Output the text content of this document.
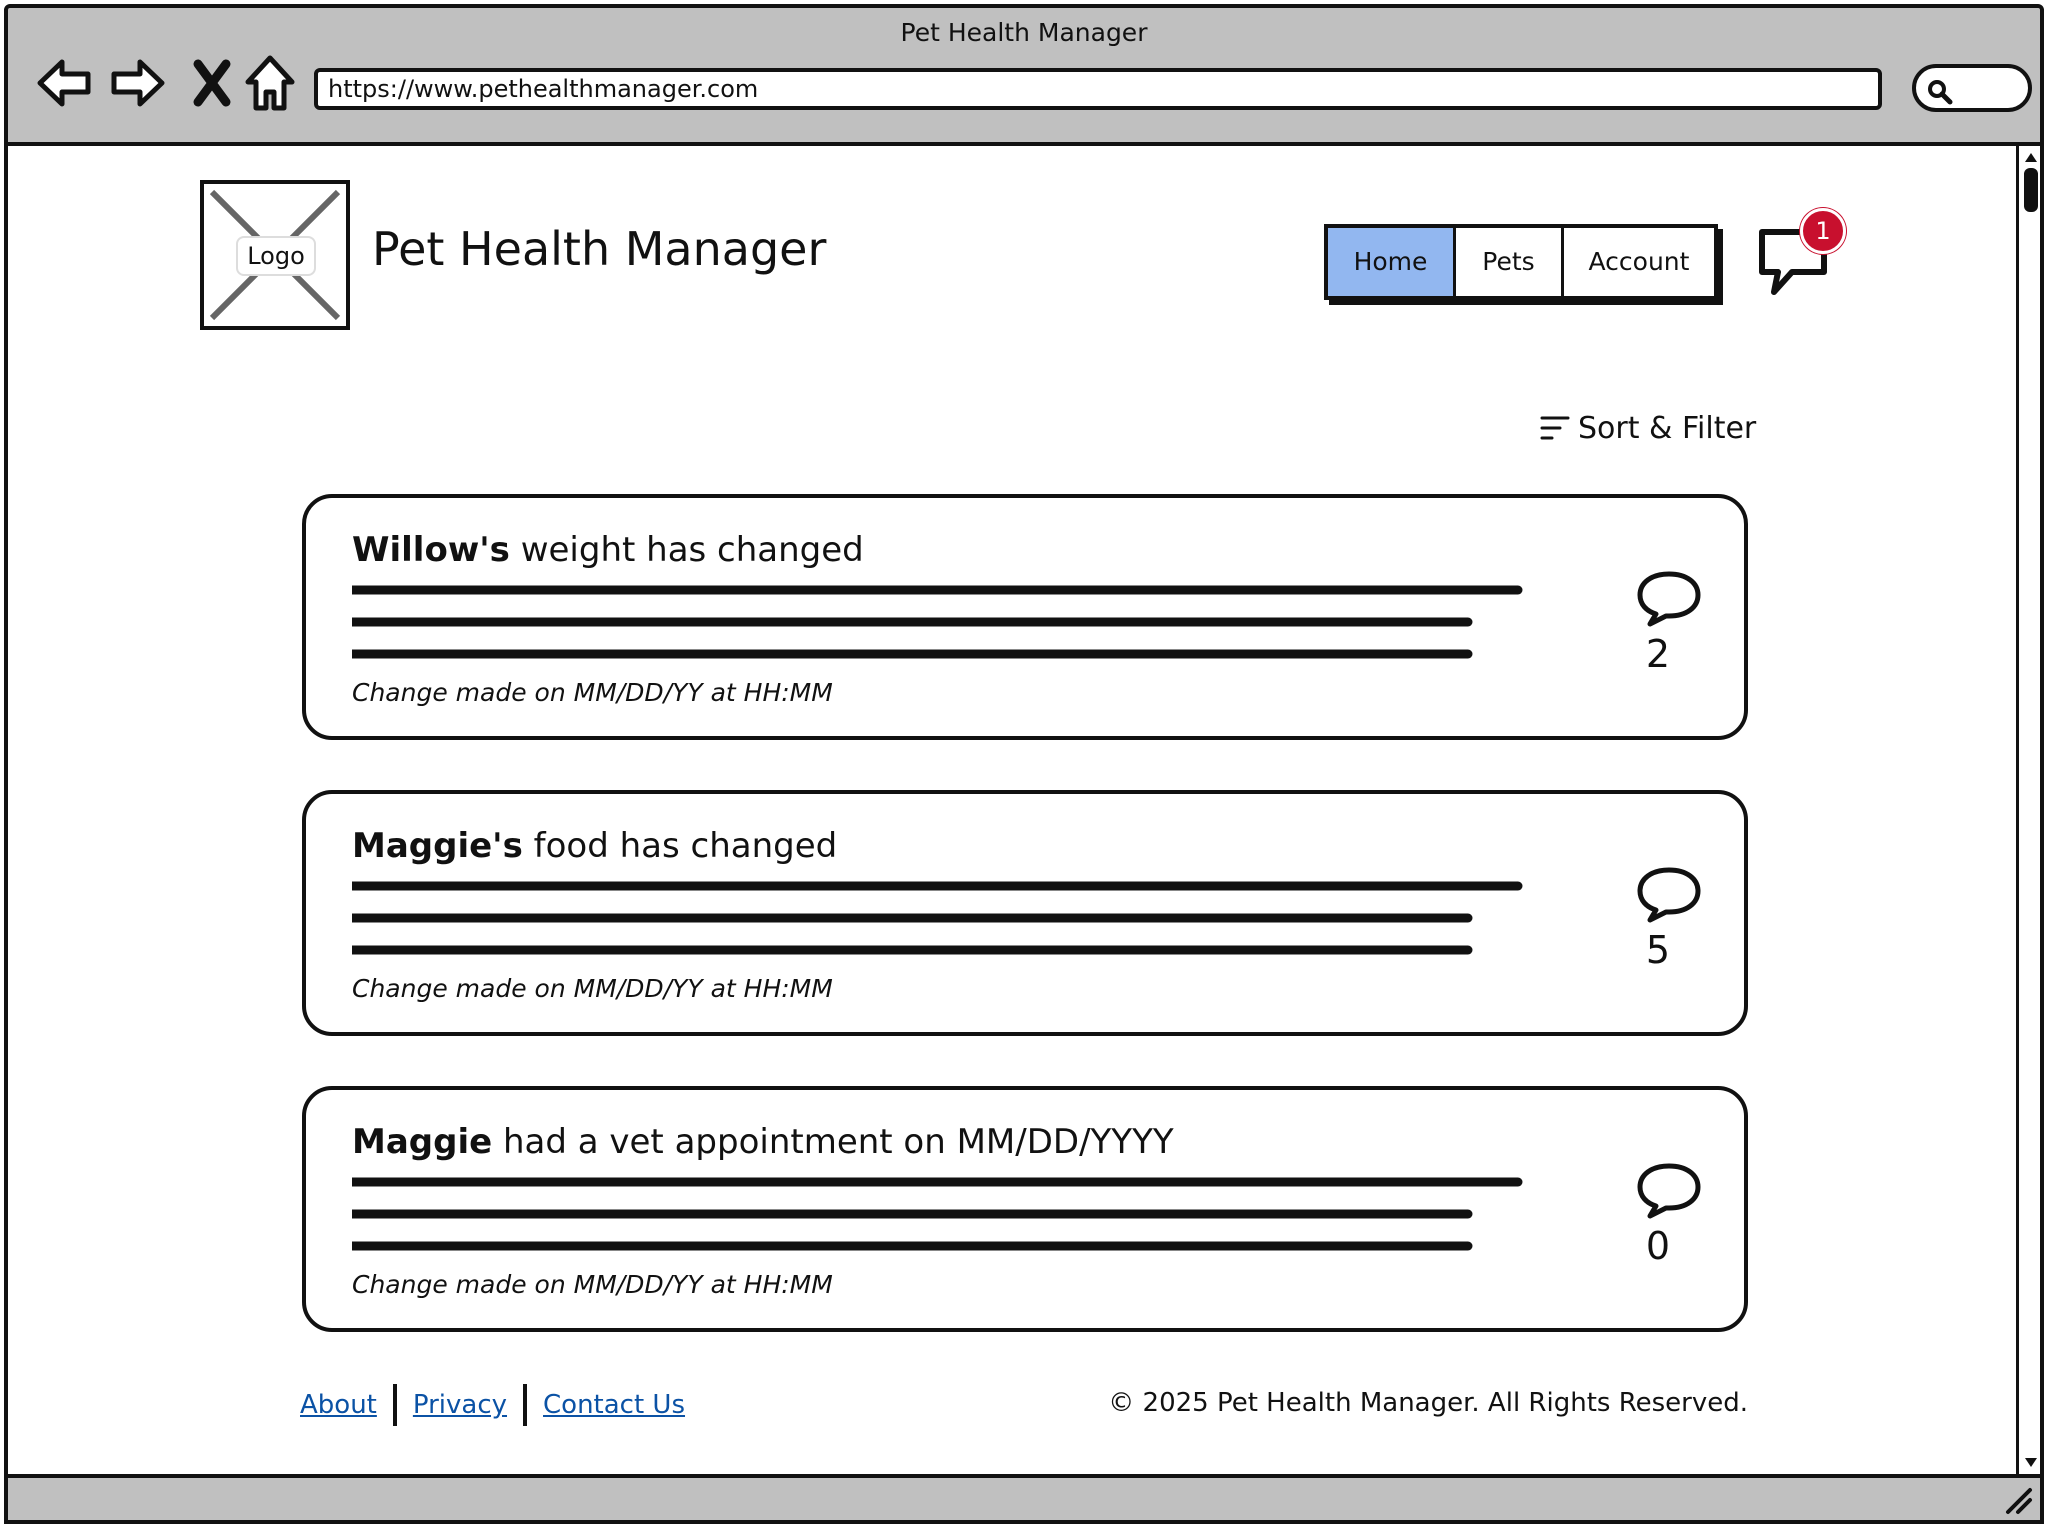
Pet Health Manager
https://www.pethealthmanager.com
Logo Pet Health Manager	Home	Pets	Account
1
Sort & Filter
Willow's weight has changed
Change made on MM/DD/YY at HH:MM
2
Maggie's food has changed
Change made on MM/DD/YY at HH:MM
5
Maggie had a vet appointment on MM/DD/YYYY
Change made on MM/DD/YY at HH:MM
0
About Privacy Contact Us	© 2025 Pet Health Manager. All Rights Reserved.
